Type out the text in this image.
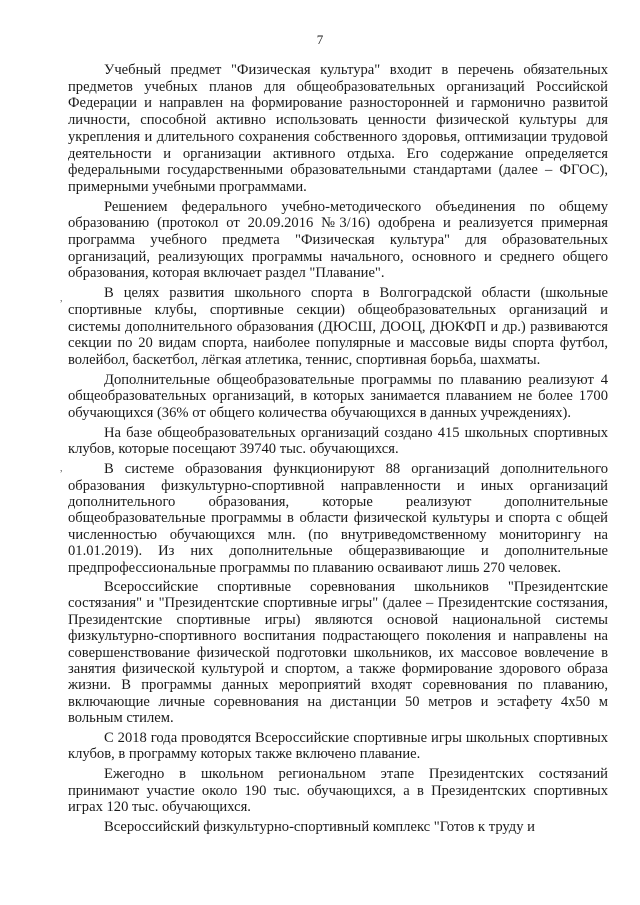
7
,
,

Учебный предмет "Физическая культура" входит в перечень обязательных предметов учебных планов для общеобразовательных организаций Российской Федерации и направлен на формирование разносторонней и гармонично развитой личности, способной активно использовать ценности физической культуры для укрепления и длительного сохранения собственного здоровья, оптимизации трудовой деятельности и организации активного отдыха. Его содержание определяется федеральными государственными образовательными стандартами (далее – ФГОС), примерными учебными программами.

Решением федерального учебно-методического объединения по общему образованию (протокол от 20.09.2016 №3/16) одобрена и реализуется примерная программа учебного предмета "Физическая культура" для образовательных организаций, реализующих программы начального, основного и среднего общего образования, которая включает раздел "Плавание".

В целях развития школьного спорта в Волгоградской области (школьные спортивные клубы, спортивные секции) общеобразовательных организаций и системы дополнительного образования (ДЮСШ, ДООЦ, ДЮКФП и др.) развиваются секции по 20 видам спорта, наиболее популярные и массовые виды спорта футбол, волейбол, баскетбол, лёгкая атлетика, теннис, спортивная борьба, шахматы.

Дополнительные общеобразовательные программы по плаванию реализуют 4 общеобразовательных организаций, в которых занимается плаванием не более 1700 обучающихся (36% от общего количества обучающихся в данных учреждениях).

На базе общеобразовательных организаций создано 415 школьных спортивных клубов, которые посещают 39740 тыс. обучающихся.

В системе образования функционируют 88 организаций дополнительного образования физкультурно-спортивной направленности и иных организаций дополнительного образования, которые реализуют дополнительные общеобразовательные программы в области физической культуры и спорта с общей численностью обучающихся млн. (по внутриведомственному мониторингу на 01.01.2019). Из них дополнительные общеразвивающие и дополнительные предпрофессиональные программы по плаванию осваивают лишь 270 человек.

Всероссийские спортивные соревнования школьников "Президентские состязания" и "Президентские спортивные игры" (далее – Президентские состязания, Президентские спортивные игры) являются основой национальной системы физкультурно-спортивного воспитания подрастающего поколения и направлены на совершенствование физической подготовки школьников, их массовое вовлечение в занятия физической культурой и спортом, а также формирование здорового образа жизни. В программы данных мероприятий входят соревнования по плаванию, включающие личные соревнования на дистанции 50 метров и эстафету 4х50 м вольным стилем.

С 2018 года проводятся Всероссийские спортивные игры школьных спортивных клубов, в программу которых также включено плавание.

Ежегодно в школьном региональном этапе Президентских состязаний принимают участие около 190 тыс. обучающихся, а в Президентских спортивных играх 120 тыс. обучающихся.

Всероссийский физкультурно-спортивный комплекс "Готов к труду и
